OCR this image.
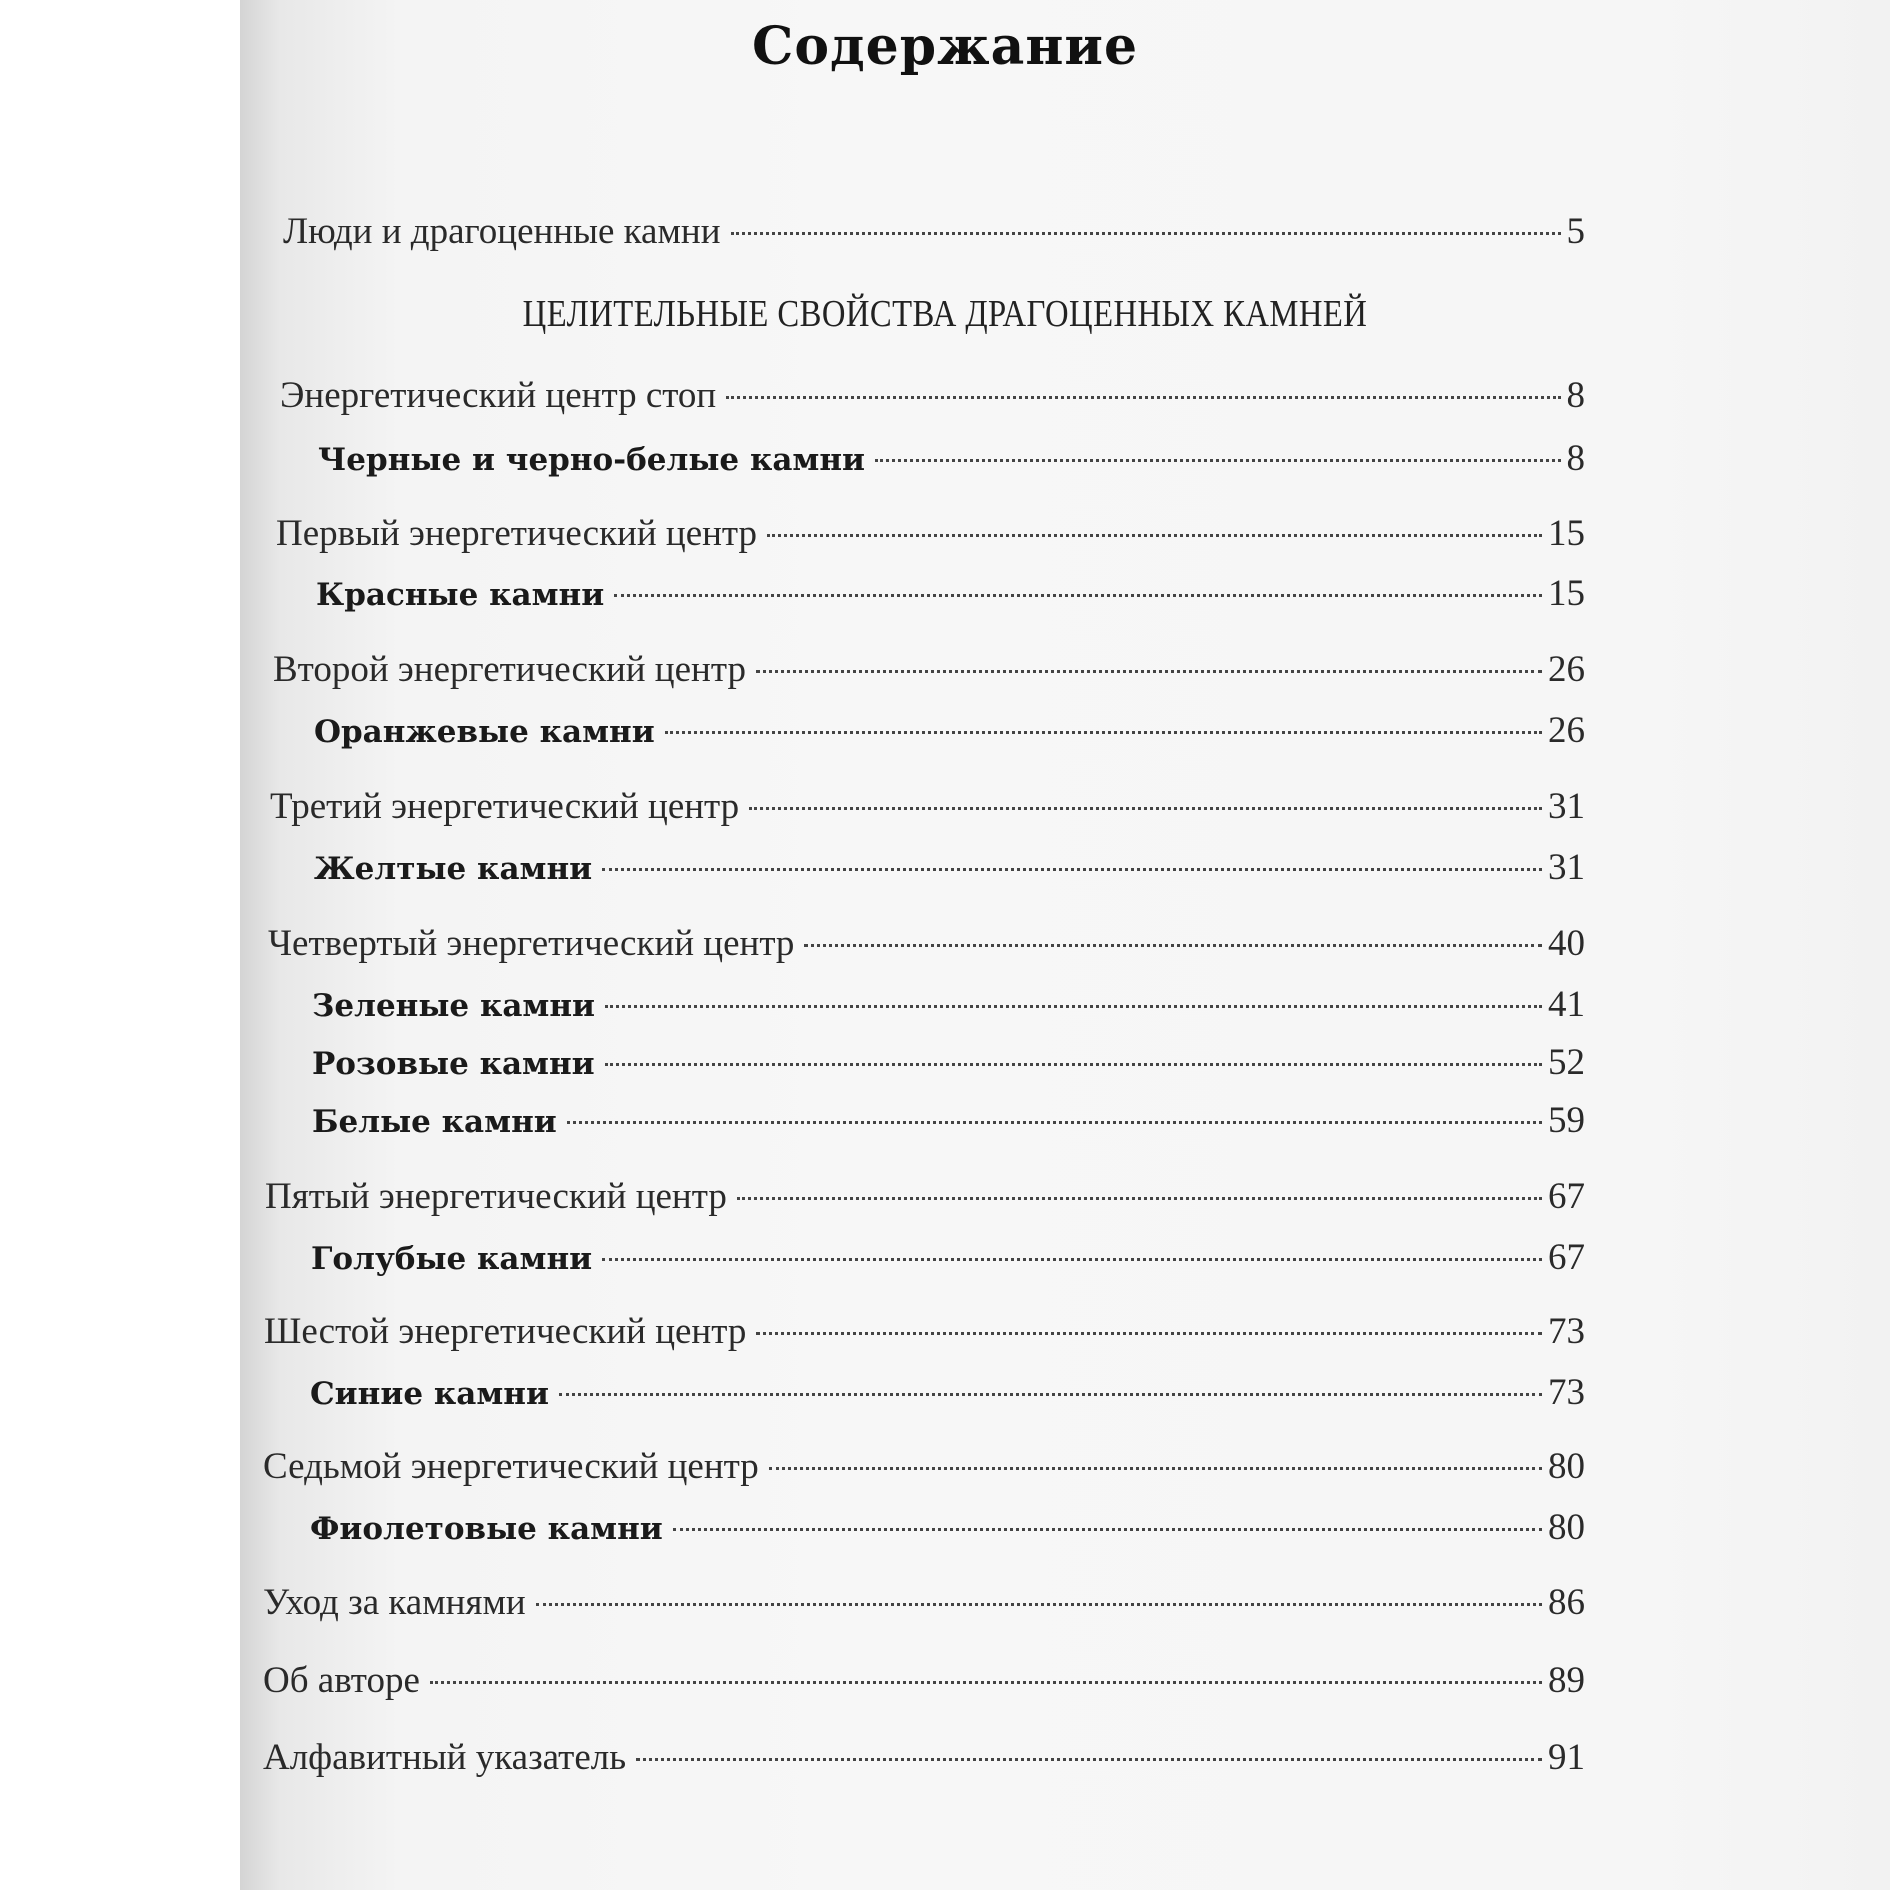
Содержание
ЦЕЛИТЕЛЬНЫЕ СВОЙСТВА ДРАГОЦЕННЫХ КАМНЕЙ
Люди и драгоценные камни	5
Энергетический центр стоп	8
Черные и черно-белые камни	8
Первый энергетический центр	15
Красные камни	15
Второй энергетический центр	26
Оранжевые камни	26
Третий энергетический центр	31
Желтые камни	31
Четвертый энергетический центр	40
Зеленые камни	41
Розовые камни	52
Белые камни	59
Пятый энергетический центр	67
Голубые камни	67
Шестой энергетический центр	73
Синие камни	73
Седьмой энергетический центр	80
Фиолетовые камни	80
Уход за камнями	86
Об авторе	89
Алфавитный указатель	91
